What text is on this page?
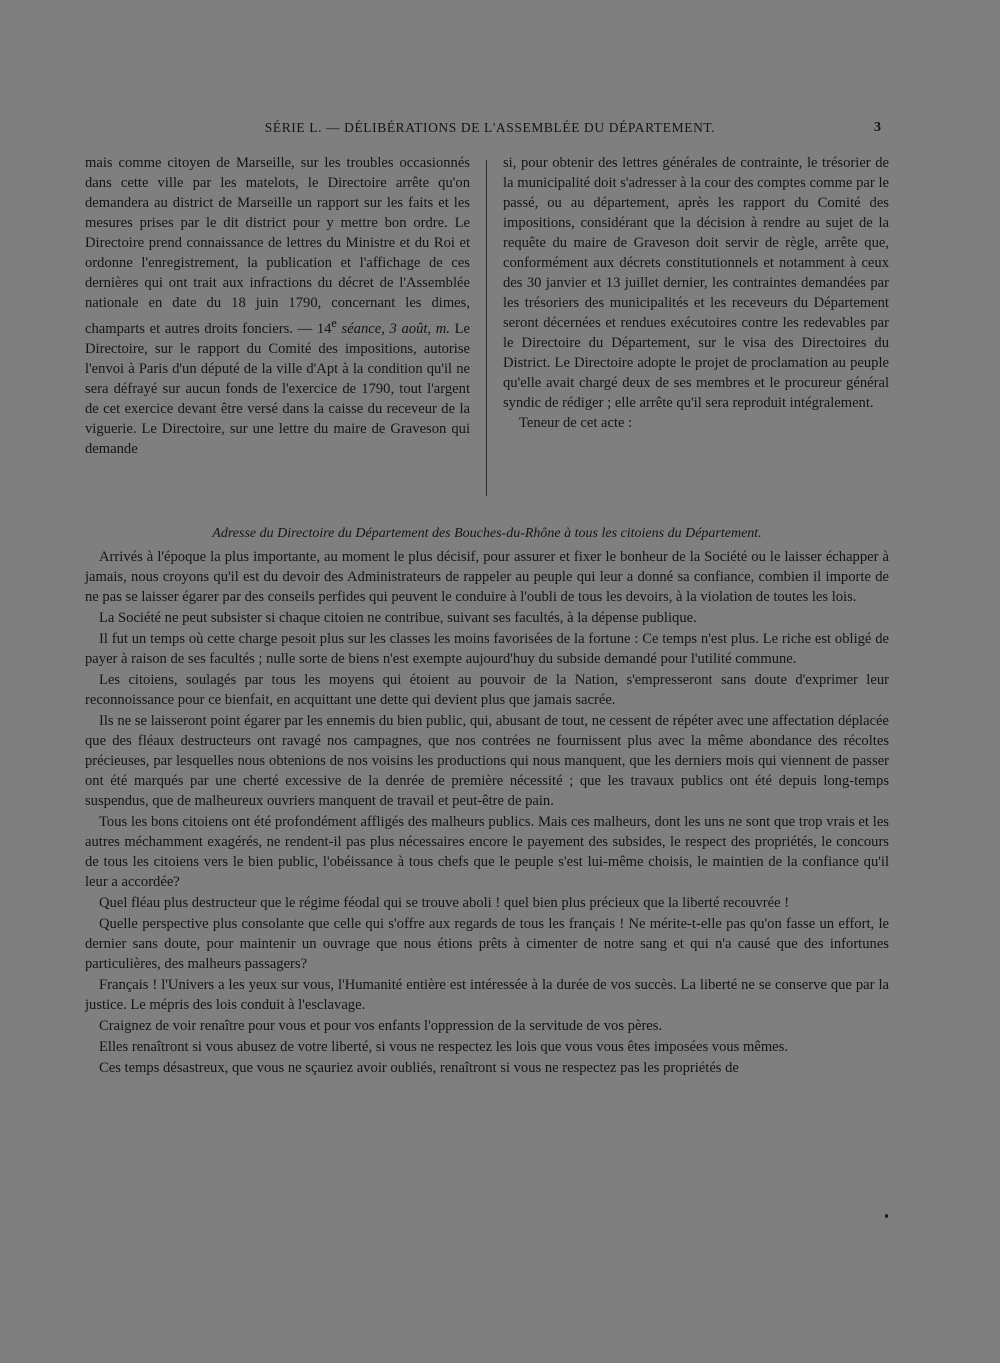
SÉRIE L. — DÉLIBÉRATIONS DE L'ASSEMBLÉE DU DÉPARTEMENT.	3

mais comme citoyen de Marseille, sur les troubles occasionnés dans cette ville par les matelots, le Directoire arrête qu'on demandera au district de Marseille un rapport sur les faits et les mesures prises par le dit district pour y mettre bon ordre. Le Directoire prend connaissance de lettres du Ministre et du Roi et ordonne l'enregistrement, la publication et l'affichage de ces dernières qui ont trait aux infractions du décret de l'Assemblée nationale en date du 18 juin 1790, concernant les dimes, champarts et autres droits fonciers. — 14e séance, 3 août, m. Le Directoire, sur le rapport du Comité des impositions, autorise l'envoi à Paris d'un député de la ville d'Apt à la condition qu'il ne sera défrayé sur aucun fonds de l'exercice de 1790, tout l'argent de cet exercice devant être versé dans la caisse du receveur de la viguerie. Le Directoire, sur une lettre du maire de Graveson qui demande

si, pour obtenir des lettres générales de contrainte, le trésorier de la municipalité doit s'adresser à la cour des comptes comme par le passé, ou au département, après les rapport du Comité des impositions, considérant que la décision à rendre au sujet de la requête du maire de Graveson doit servir de règle, arrête que, conformément aux décrets constitutionnels et notamment à ceux des 30 janvier et 13 juillet dernier, les contraintes demandées par les trésoriers des municipalités et les receveurs du Département seront décernées et rendues exécutoires contre les redevables par le Directoire du Département, sur le visa des Directoires du District. Le Directoire adopte le projet de proclamation au peuple qu'elle avait chargé deux de ses membres et le procureur général syndic de rédiger ; elle arrête qu'il sera reproduit intégralement.

Teneur de cet acte :

Adresse du Directoire du Département des Bouches-du-Rhône à tous les citoiens du Département.

Arrivés à l'époque la plus importante, au moment le plus décisif, pour assurer et fixer le bonheur de la Société ou le laisser échapper à jamais, nous croyons qu'il est du devoir des Administrateurs de rappeler au peuple qui leur a donné sa confiance, combien il importe de ne pas se laisser égarer par des conseils perfides qui peuvent le conduire à l'oubli de tous les devoirs, à la violation de toutes les lois.

La Société ne peut subsister si chaque citoien ne contribue, suivant ses facultés, à la dépense publique.

Il fut un temps où cette charge pesoit plus sur les classes les moins favorisées de la fortune : Ce temps n'est plus. Le riche est obligé de payer à raison de ses facultés ; nulle sorte de biens n'est exempte aujourd'huy du subside demandé pour l'utilité commune.

Les citoiens, soulagés par tous les moyens qui étoient au pouvoir de la Nation, s'empresseront sans doute d'exprimer leur reconnoissance pour ce bienfait, en acquittant une dette qui devient plus que jamais sacrée.

Ils ne se laisseront point égarer par les ennemis du bien public, qui, abusant de tout, ne cessent de répéter avec une affectation déplacée que des fléaux destructeurs ont ravagé nos campagnes, que nos contrées ne fournissent plus avec la même abondance des récoltes précieuses, par lesquelles nous obtenions de nos voisins les productions qui nous manquent, que les derniers mois qui viennent de passer ont été marqués par une cherté excessive de la denrée de première nécessité ; que les travaux publics ont été depuis long-temps suspendus, que de malheureux ouvriers manquent de travail et peut-être de pain.

Tous les bons citoiens ont été profondément affligés des malheurs publics. Mais ces malheurs, dont les uns ne sont que trop vrais et les autres méchamment exagérés, ne rendent-il pas plus nécessaires encore le payement des subsides, le respect des propriétés, le concours de tous les citoiens vers le bien public, l'obéissance à tous chefs que le peuple s'est lui-même choisis, le maintien de la confiance qu'il leur a accordée?

Quel fléau plus destructeur que le régime féodal qui se trouve aboli ! quel bien plus précieux que la liberté recouvrée !

Quelle perspective plus consolante que celle qui s'offre aux regards de tous les français ! Ne mérite-t-elle pas qu'on fasse un effort, le dernier sans doute, pour maintenir un ouvrage que nous étions prêts à cimenter de notre sang et qui n'a causé que des infortunes particulières, des malheurs passagers?

Français ! l'Univers a les yeux sur vous, l'Humanité entière est intéressée à la durée de vos succès. La liberté ne se conserve que par la justice. Le mépris des lois conduit à l'esclavage.

Craignez de voir renaître pour vous et pour vos enfants l'oppression de la servitude de vos pères.

Elles renaîtront si vous abusez de votre liberté, si vous ne respectez les lois que vous vous êtes imposées vous mêmes.

Ces temps désastreux, que vous ne sçauriez avoir oubliés, renaîtront si vous ne respectez pas les propriétés de
